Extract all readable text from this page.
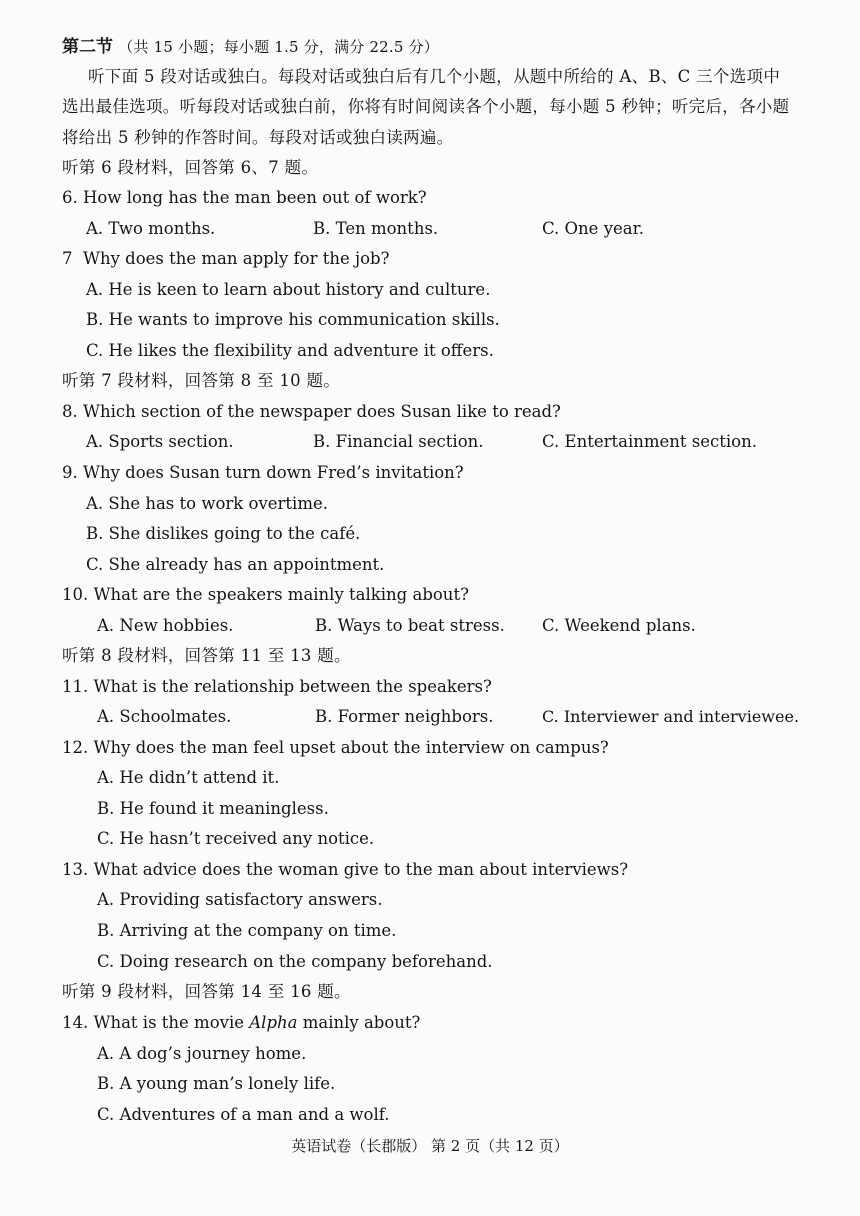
第二节 （共 15 小题；每小题 1.5 分，满分 22.5 分）
听下面 5 段对话或独白。每段对话或独白后有几个小题，从题中所给的 A、B、C 三个选项中
选出最佳选项。听每段对话或独白前，你将有时间阅读各个小题，每小题 5 秒钟；听完后，各小题
将给出 5 秒钟的作答时间。每段对话或独白读两遍。
听第 6 段材料，回答第 6、7 题。
6. How long has the man been out of work?
A. Two months.	B. Ten months.	C. One year.
7 Why does the man apply for the job?
A. He is keen to learn about history and culture.
B. He wants to improve his communication skills.
C. He likes the flexibility and adventure it offers.
听第 7 段材料，回答第 8 至 10 题。
8. Which section of the newspaper does Susan like to read?
A. Sports section.	B. Financial section.	C. Entertainment section.
9. Why does Susan turn down Fred’s invitation?
A. She has to work overtime.
B. She dislikes going to the café.
C. She already has an appointment.
10. What are the speakers mainly talking about?
A. New hobbies.	B. Ways to beat stress. C. Weekend plans.
听第 8 段材料，回答第 11 至 13 题。
11. What is the relationship between the speakers?
A. Schoolmates.	B. Former neighbors.	C. Interviewer and interviewee.
12. Why does the man feel upset about the interview on campus?
A. He didn’t attend it.
B. He found it meaningless.
C. He hasn’t received any notice.
13. What advice does the woman give to the man about interviews?
A. Providing satisfactory answers.
B. Arriving at the company on time.
C. Doing research on the company beforehand.
听第 9 段材料，回答第 14 至 16 题。
14. What is the movie Alpha mainly about?
A. A dog’s journey home.
B. A young man’s lonely life.
C. Adventures of a man and a wolf.
英语试卷（长郡版） 第 2 页（共 12 页）
